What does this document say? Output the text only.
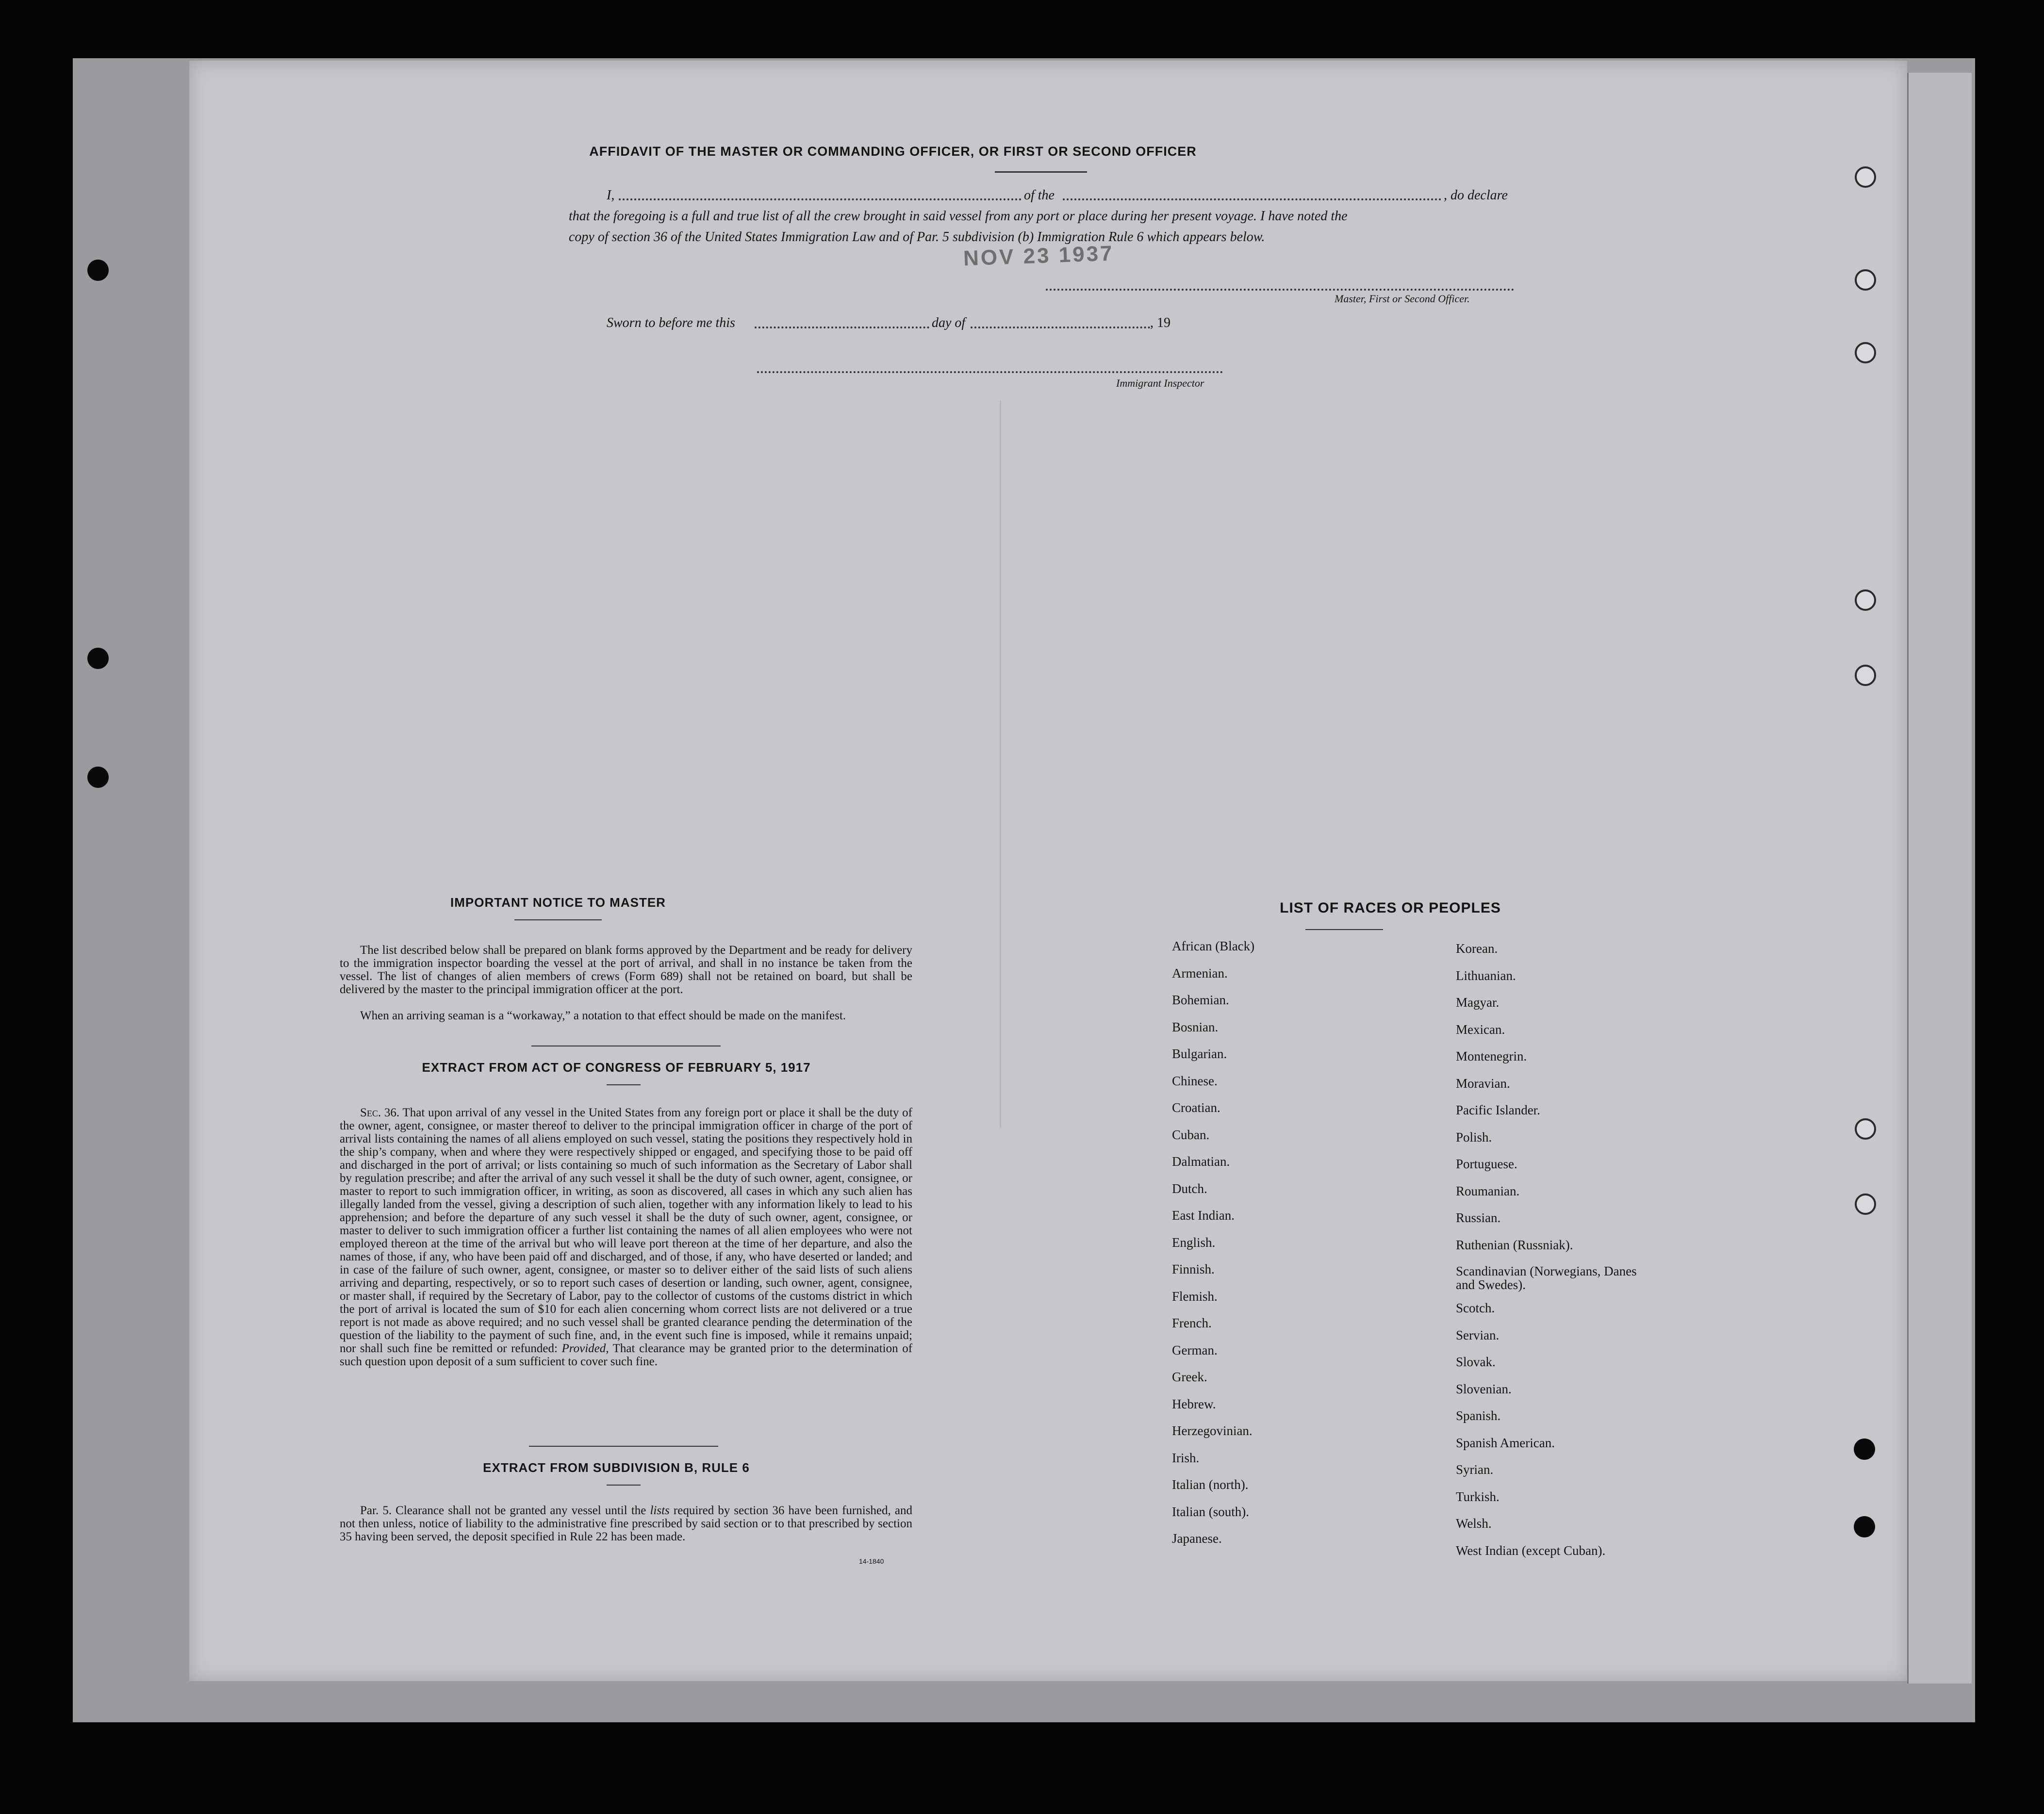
AFFIDAVIT OF THE MASTER OR COMMANDING OFFICER, OR FIRST OR SECOND OFFICER
I,	of the	, do declare
that the foregoing is a full and true list of all the crew brought in said vessel from any port or place during her present voyage. I have noted the
copy of section 36 of the United States Immigration Law and of Par. 5 subdivision (b) Immigration Rule 6 which appears below.
NOV 23 1937
Master, First or Second Officer.
Sworn to before me this	day of	, 19
Immigrant Inspector
IMPORTANT NOTICE TO MASTER
The list described below shall be prepared on blank forms approved by the Department and be ready for delivery to the immigration inspector boarding the vessel at the port of arrival, and shall in no instance be taken from the vessel. The list of changes of alien members of crews (Form 689) shall not be retained on board, but shall be delivered by the master to the principal immigration officer at the port.
When an arriving seaman is a “workaway,” a notation to that effect should be made on the manifest.
EXTRACT FROM ACT OF CONGRESS OF FEBRUARY 5, 1917
Sec. 36. That upon arrival of any vessel in the United States from any foreign port or place it shall be the duty of the owner, agent, consignee, or master thereof to deliver to the principal immigration officer in charge of the port of arrival lists containing the names of all aliens employed on such vessel, stating the positions they respectively hold in the ship’s company, when and where they were respectively shipped or engaged, and specifying those to be paid off and discharged in the port of arrival; or lists containing so much of such information as the Secretary of Labor shall by regulation prescribe; and after the arrival of any such vessel it shall be the duty of such owner, agent, consignee, or master to report to such immigration officer, in writing, as soon as discovered, all cases in which any such alien has illegally landed from the vessel, giving a description of such alien, together with any information likely to lead to his apprehension; and before the departure of any such vessel it shall be the duty of such owner, agent, consignee, or master to deliver to such immigration officer a further list containing the names of all alien employees who were not employed thereon at the time of the arrival but who will leave port thereon at the time of her departure, and also the names of those, if any, who have been paid off and discharged, and of those, if any, who have deserted or landed; and in case of the failure of such owner, agent, consignee, or master so to deliver either of the said lists of such aliens arriving and departing, respectively, or so to report such cases of desertion or landing, such owner, agent, consignee, or master shall, if required by the Secretary of Labor, pay to the collector of customs of the customs district in which the port of arrival is located the sum of $10 for each alien concerning whom correct lists are not delivered or a true report is not made as above required; and no such vessel shall be granted clearance pending the determination of the question of the liability to the payment of such fine, and, in the event such fine is imposed, while it remains unpaid; nor shall such fine be remitted or refunded: Provided, That clearance may be granted prior to the determination of such question upon deposit of a sum sufficient to cover such fine.
EXTRACT FROM SUBDIVISION B, RULE 6
Par. 5. Clearance shall not be granted any vessel until the lists required by section 36 have been furnished, and not then unless, notice of liability to the administrative fine prescribed by said section or to that prescribed by section 35 having been served, the deposit specified in Rule 22 has been made.
14-1840
LIST OF RACES OR PEOPLES
African (Black)
Armenian.
Bohemian.
Bosnian.
Bulgarian.
Chinese.
Croatian.
Cuban.
Dalmatian.
Dutch.
East Indian.
English.
Finnish.
Flemish.
French.
German.
Greek.
Hebrew.
Herzegovinian.
Irish.
Italian (north).
Italian (south).
Japanese.
Korean.
Lithuanian.
Magyar.
Mexican.
Montenegrin.
Moravian.
Pacific Islander.
Polish.
Portuguese.
Roumanian.
Russian.
Ruthenian (Russniak).
Scandinavian (Norwegians, Danes and Swedes).
Scotch.
Servian.
Slovak.
Slovenian.
Spanish.
Spanish American.
Syrian.
Turkish.
Welsh.
West Indian (except Cuban).
